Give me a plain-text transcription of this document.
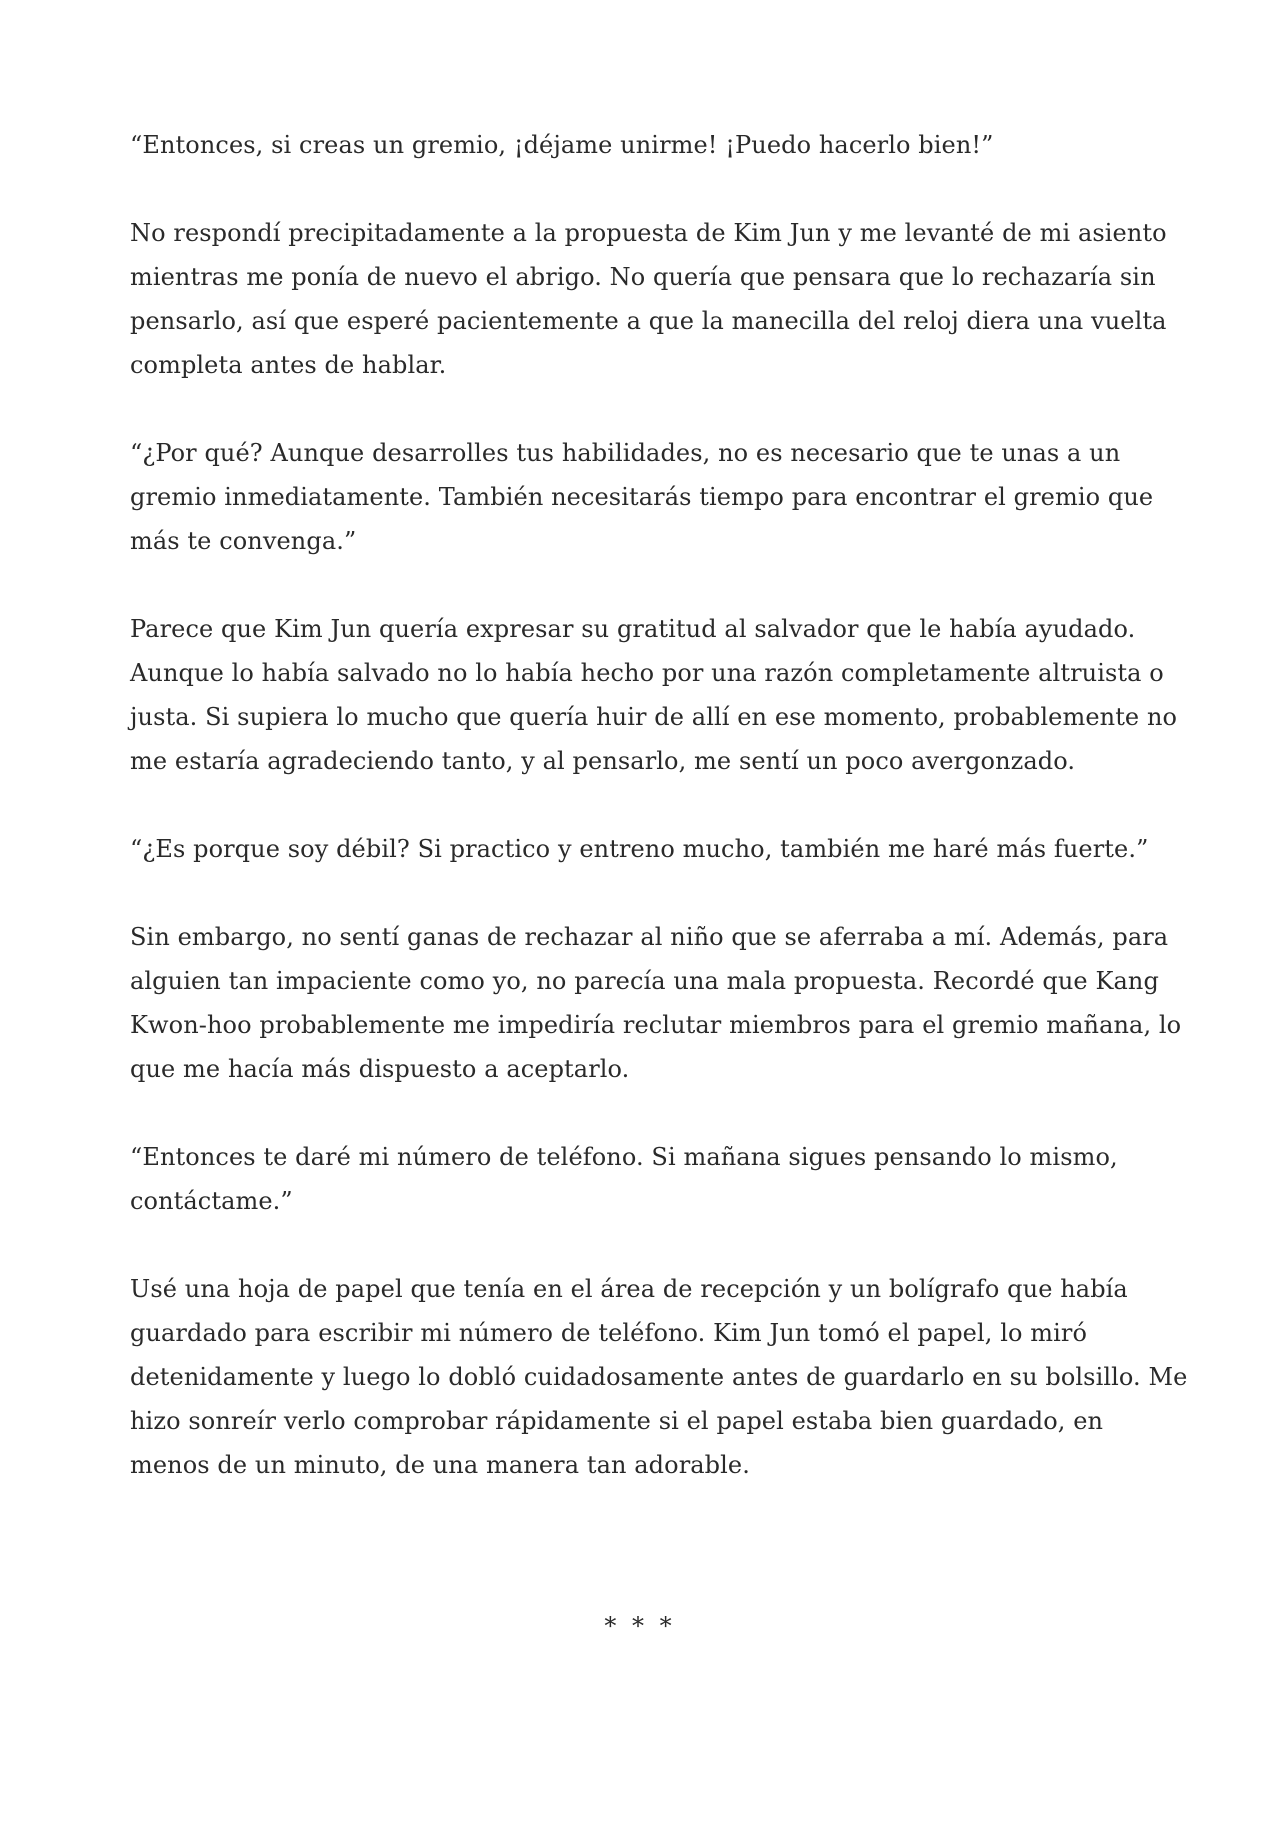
“Entonces, si creas un gremio, ¡déjame unirme! ¡Puedo hacerlo bien!”

No respondí precipitadamente a la propuesta de Kim Jun y me levanté de mi asiento mientras me ponía de nuevo el abrigo. No quería que pensara que lo rechazaría sin pensarlo, así que esperé pacientemente a que la manecilla del reloj diera una vuelta completa antes de hablar.

“¿Por qué? Aunque desarrolles tus habilidades, no es necesario que te unas a un gremio inmediatamente. También necesitarás tiempo para encontrar el gremio que más te convenga.”

Parece que Kim Jun quería expresar su gratitud al salvador que le había ayudado. Aunque lo había salvado no lo había hecho por una razón completamente altruista o justa. Si supiera lo mucho que quería huir de allí en ese momento, probablemente no me estaría agradeciendo tanto, y al pensarlo, me sentí un poco avergonzado.

“¿Es porque soy débil? Si practico y entreno mucho, también me haré más fuerte.”

Sin embargo, no sentí ganas de rechazar al niño que se aferraba a mí. Además, para alguien tan impaciente como yo, no parecía una mala propuesta. Recordé que Kang Kwon-hoo probablemente me impediría reclutar miembros para el gremio mañana, lo que me hacía más dispuesto a aceptarlo.

“Entonces te daré mi número de teléfono. Si mañana sigues pensando lo mismo, contáctame.”

Usé una hoja de papel que tenía en el área de recepción y un bolígrafo que había guardado para escribir mi número de teléfono. Kim Jun tomó el papel, lo miró detenidamente y luego lo dobló cuidadosamente antes de guardarlo en su bolsillo. Me hizo sonreír verlo comprobar rápidamente si el papel estaba bien guardado, en menos de un minuto, de una manera tan adorable.

* * *
